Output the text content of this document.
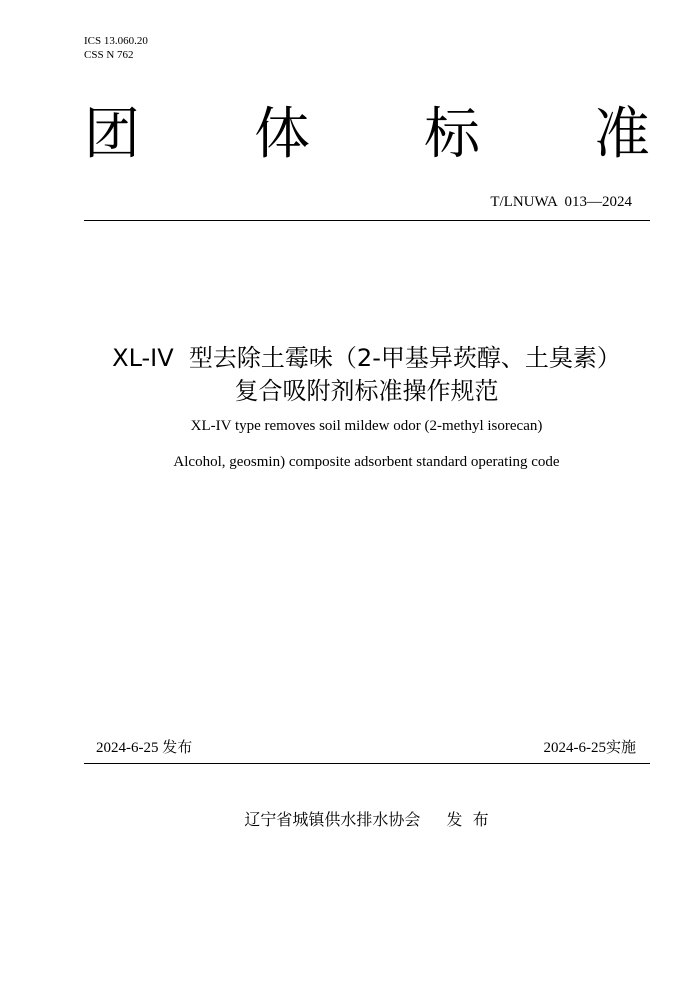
ICS 13.060.20
CSS N 762
团 体 标 准
T/LNUWA  013—2024
XL-IV  型去除土霉味（2-甲基异莰醇、土臭素）
复合吸附剂标准操作规范
XL-IV type removes soil mildew odor (2-methyl isorecan)
Alcohol, geosmin) composite adsorbent standard operating code
2024-6-25 发布	2024-6-25实施
辽宁省城镇供水排水协会 发  布
